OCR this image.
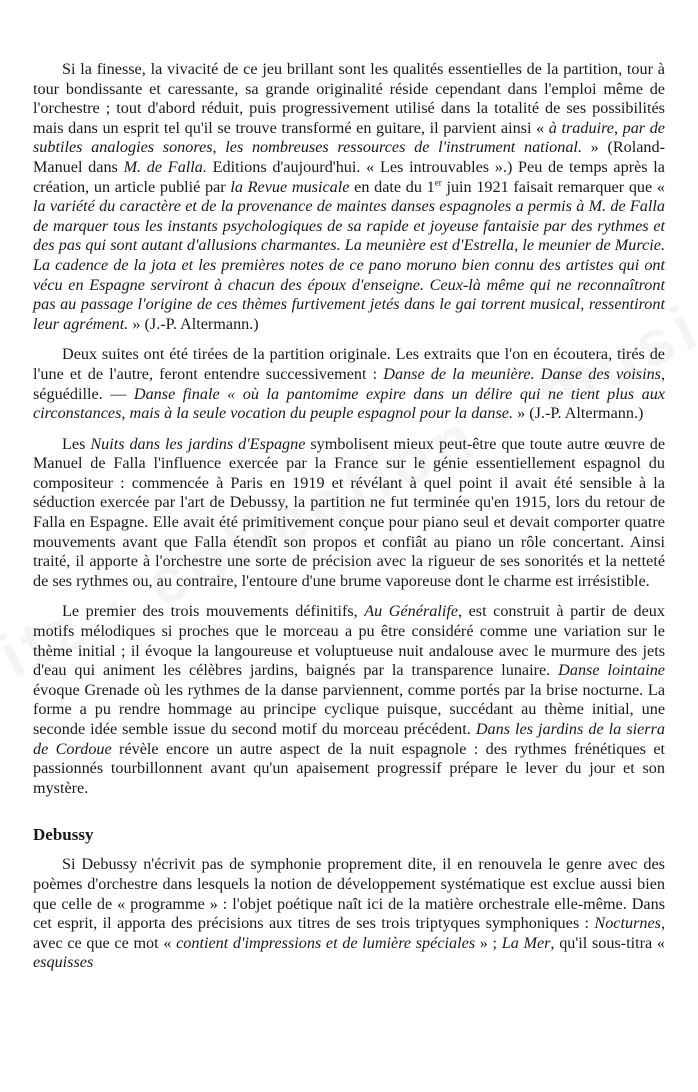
Si la finesse, la vivacité de ce jeu brillant sont les qualités essentielles de la partition, tour à tour bondissante et caressante, sa grande originalité réside cependant dans l'emploi même de l'orchestre ; tout d'abord réduit, puis progressivement utilisé dans la totalité de ses possibilités mais dans un esprit tel qu'il se trouve transformé en guitare, il parvient ainsi « à traduire, par de subtiles analogies sonores, les nombreuses ressources de l'instrument national. » (Roland-Manuel dans M. de Falla. Editions d'aujourd'hui. « Les introuvables ».) Peu de temps après la création, un article publié par la Revue musicale en date du 1er juin 1921 faisait remarquer que « la variété du caractère et de la provenance de maintes danses espagnoles a permis à M. de Falla de marquer tous les instants psychologiques de sa rapide et joyeuse fantaisie par des rythmes et des pas qui sont autant d'allusions charmantes. La meunière est d'Estrella, le meunier de Murcie. La cadence de la jota et les premières notes de ce pano moruno bien connu des artistes qui ont vécu en Espagne serviront à chacun des époux d'enseigne. Ceux-là même qui ne reconnaîtront pas au passage l'origine de ces thèmes furtivement jetés dans le gai torrent musical, ressentiront leur agrément. » (J.-P. Altermann.)

Deux suites ont été tirées de la partition originale. Les extraits que l'on en écoutera, tirés de l'une et de l'autre, feront entendre successivement : Danse de la meunière. Danse des voisins, séguédille. — Danse finale « où la pantomime expire dans un délire qui ne tient plus aux circonstances, mais à la seule vocation du peuple espagnol pour la danse. » (J.-P. Altermann.)

Les Nuits dans les jardins d'Espagne symbolisent mieux peut-être que toute autre œuvre de Manuel de Falla l'influence exercée par la France sur le génie essentiellement espagnol du compositeur : commencée à Paris en 1919 et révélant à quel point il avait été sensible à la séduction exercée par l'art de Debussy, la partition ne fut terminée qu'en 1915, lors du retour de Falla en Espagne. Elle avait été primitivement conçue pour piano seul et devait comporter quatre mouvements avant que Falla étendît son propos et confiât au piano un rôle concertant. Ainsi traité, il apporte à l'orchestre une sorte de précision avec la rigueur de ses sonorités et la netteté de ses rythmes ou, au contraire, l'entoure d'une brume vaporeuse dont le charme est irrésistible.

Le premier des trois mouvements définitifs, Au Généralife, est construit à partir de deux motifs mélodiques si proches que le morceau a pu être considéré comme une variation sur le thème initial ; il évoque la langoureuse et voluptueuse nuit andalouse avec le murmure des jets d'eau qui animent les célèbres jardins, baignés par la transparence lunaire. Danse lointaine évoque Grenade où les rythmes de la danse parviennent, comme portés par la brise nocturne. La forme a pu rendre hommage au principe cyclique puisque, succédant au thème initial, une seconde idée semble issue du second motif du morceau précédent. Dans les jardins de la sierra de Cordoue révèle encore un autre aspect de la nuit espagnole : des rythmes frénétiques et passionnés tourbillonnent avant qu'un apaisement progressif prépare le lever du jour et son mystère.

Debussy

Si Debussy n'écrivit pas de symphonie proprement dite, il en renouvela le genre avec des poèmes d'orchestre dans lesquels la notion de développement systématique est exclue aussi bien que celle de « programme » : l'objet poétique naît ici de la matière orchestrale elle-même. Dans cet esprit, il apporta des précisions aux titres de ses trois triptyques symphoniques : Nocturnes, avec ce que ce mot « contient d'impressions et de lumière spéciales » ; La Mer, qu'il sous-titra « esquisses
